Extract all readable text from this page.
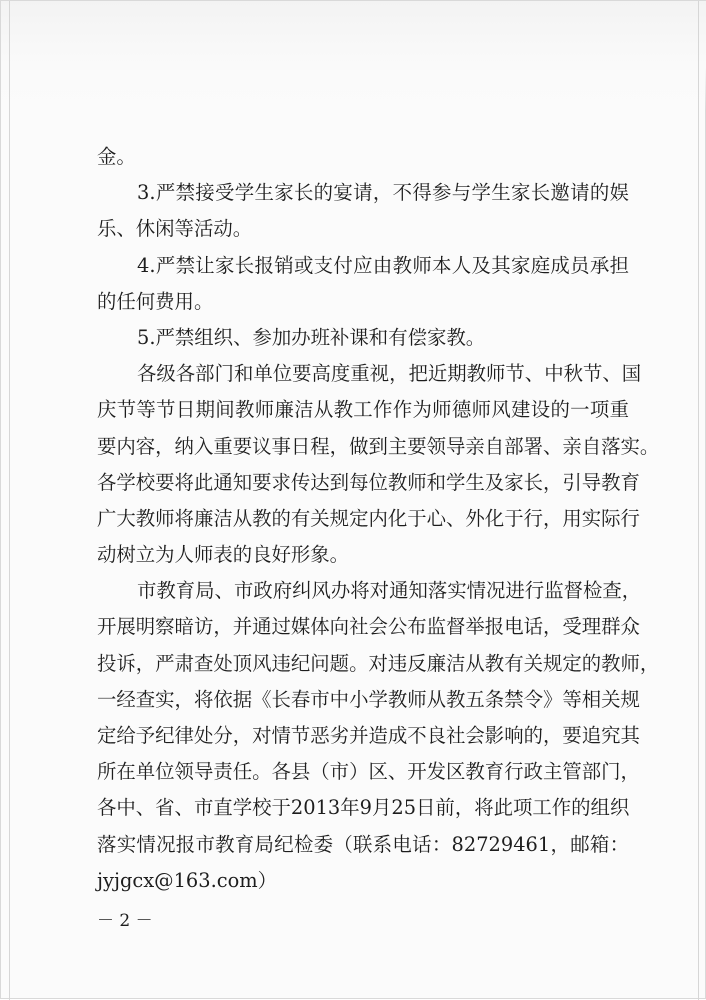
金。
3.严禁接受学生家长的宴请，不得参与学生家长邀请的娱
乐、休闲等活动。
4.严禁让家长报销或支付应由教师本人及其家庭成员承担
的任何费用。
5.严禁组织、参加办班补课和有偿家教。
各级各部门和单位要高度重视，把近期教师节、中秋节、国
庆节等节日期间教师廉洁从教工作作为师德师风建设的一项重
要内容，纳入重要议事日程，做到主要领导亲自部署、亲自落实。
各学校要将此通知要求传达到每位教师和学生及家长，引导教育
广大教师将廉洁从教的有关规定内化于心、外化于行，用实际行
动树立为人师表的良好形象。
市教育局、市政府纠风办将对通知落实情况进行监督检查，
开展明察暗访，并通过媒体向社会公布监督举报电话，受理群众
投诉，严肃查处顶风违纪问题。对违反廉洁从教有关规定的教师，
一经查实，将依据《长春市中小学教师从教五条禁令》等相关规
定给予纪律处分，对情节恶劣并造成不良社会影响的，要追究其
所在单位领导责任。各县（市）区、开发区教育行政主管部门，
各中、省、市直学校于2013年9月25日前，将此项工作的组织
落实情况报市教育局纪检委（联系电话：82729461，邮箱：
jyjgcx@163.com）
－ 2 －
